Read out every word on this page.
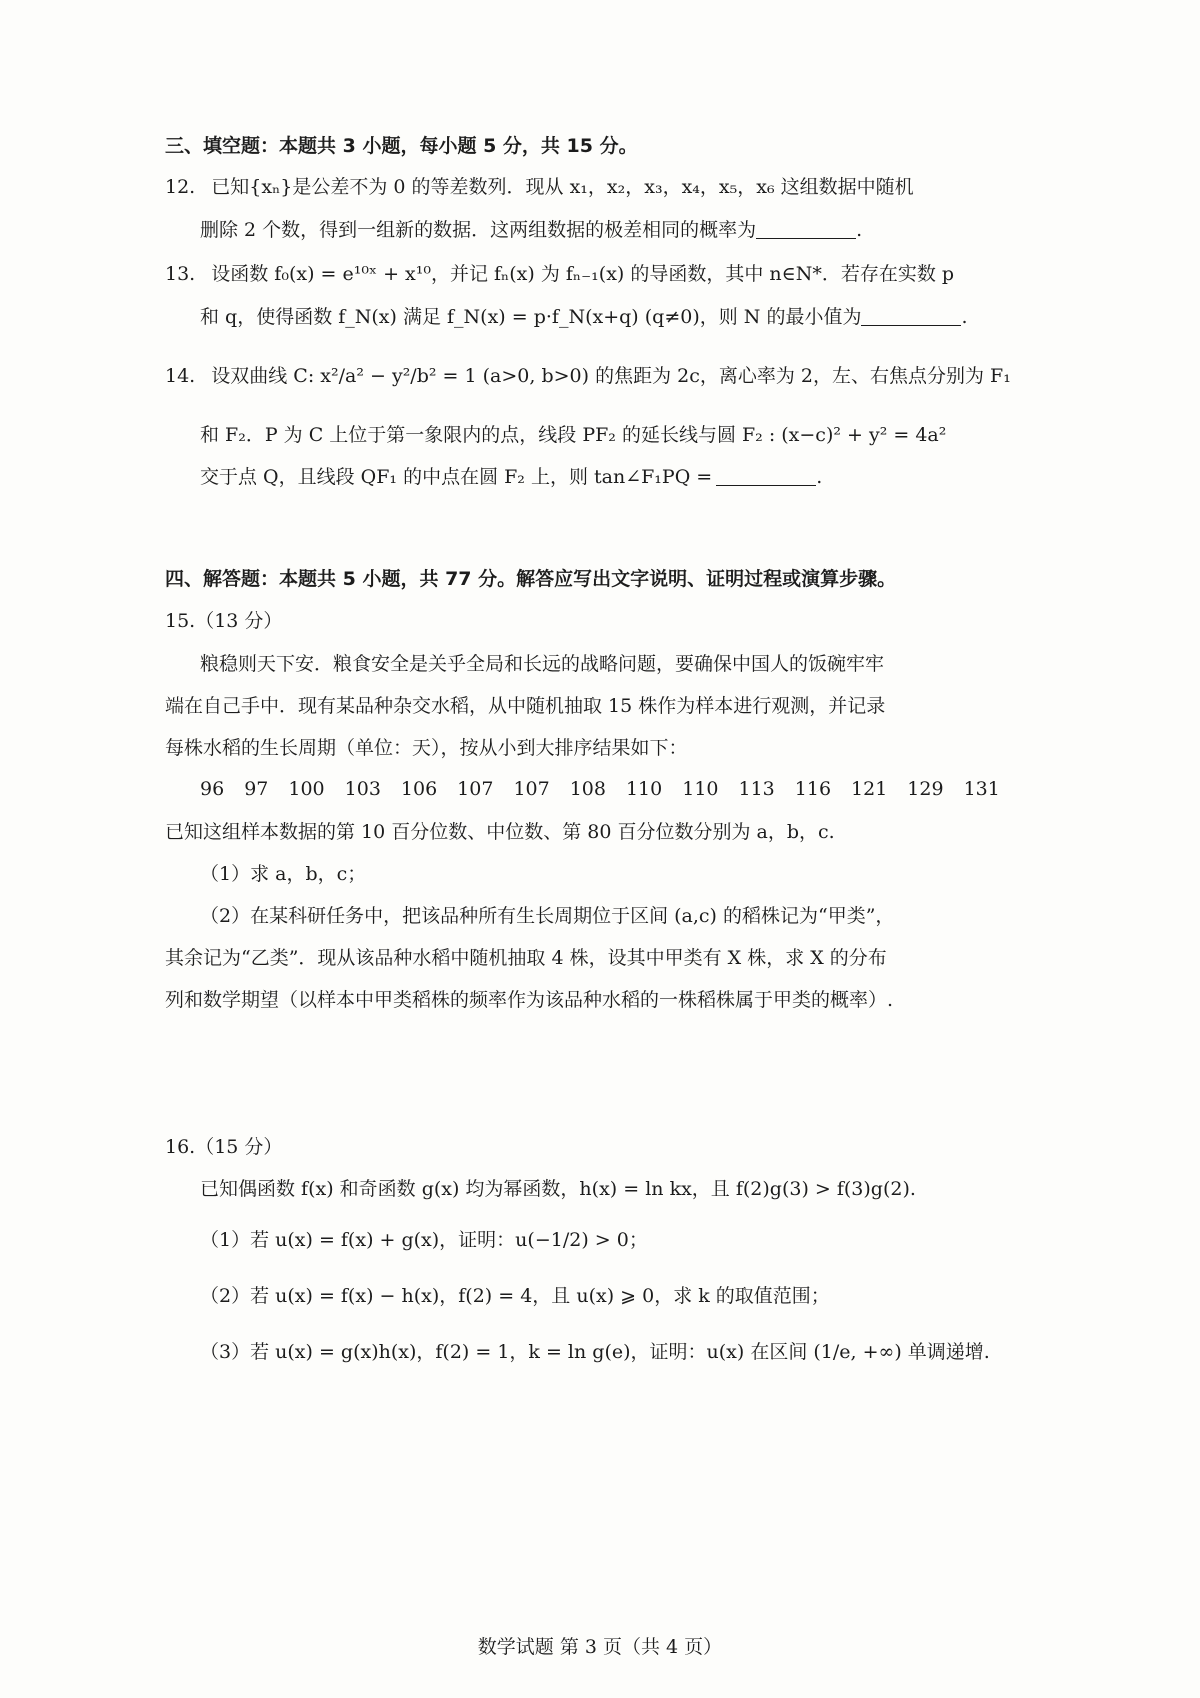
三、填空题：本题共 3 小题，每小题 5 分，共 15 分。
12. 已知{xₙ}是公差不为 0 的等差数列．现从 x₁，x₂，x₃，x₄，x₅，x₆ 这组数据中随机
删除 2 个数，得到一组新的数据．这两组数据的极差相同的概率为	.
13. 设函数 f₀(x) = e¹⁰ˣ + x¹⁰，并记 fₙ(x) 为 fₙ₋₁(x) 的导函数，其中 n∈N*．若存在实数 p
和 q，使得函数 f_N(x) 满足 f_N(x) = p·f_N(x+q) (q≠0)，则 N 的最小值为	.
14. 设双曲线 C: x²/a² − y²/b² = 1 (a>0, b>0) 的焦距为 2c，离心率为 2，左、右焦点分别为 F₁
和 F₂．P 为 C 上位于第一象限内的点，线段 PF₂ 的延长线与圆 F₂ : (x−c)² + y² = 4a²
交于点 Q，且线段 QF₁ 的中点在圆 F₂ 上，则 tan∠F₁PQ =	.
四、解答题：本题共 5 小题，共 77 分。解答应写出文字说明、证明过程或演算步骤。
15.（13 分）
粮稳则天下安．粮食安全是关乎全局和长远的战略问题，要确保中国人的饭碗牢牢
端在自己手中．现有某品种杂交水稻，从中随机抽取 15 株作为样本进行观测，并记录
每株水稻的生长周期（单位：天），按从小到大排序结果如下：
96 97 100 103 106 107 107 108 110 110 113 116 121 129 131
已知这组样本数据的第 10 百分位数、中位数、第 80 百分位数分别为 a，b，c.
（1）求 a，b，c；
（2）在某科研任务中，把该品种所有生长周期位于区间 (a,c) 的稻株记为“甲类”，
其余记为“乙类”．现从该品种水稻中随机抽取 4 株，设其中甲类有 X 株，求 X 的分布
列和数学期望（以样本中甲类稻株的频率作为该品种水稻的一株稻株属于甲类的概率）.
16.（15 分）
已知偶函数 f(x) 和奇函数 g(x) 均为幂函数，h(x) = ln kx，且 f(2)g(3) > f(3)g(2).
（1）若 u(x) = f(x) + g(x)，证明：u(−1/2) > 0；
（2）若 u(x) = f(x) − h(x)，f(2) = 4，且 u(x) ⩾ 0，求 k 的取值范围；
（3）若 u(x) = g(x)h(x)，f(2) = 1，k = ln g(e)，证明：u(x) 在区间 (1/e, +∞) 单调递增.
数学试题 第 3 页（共 4 页）
